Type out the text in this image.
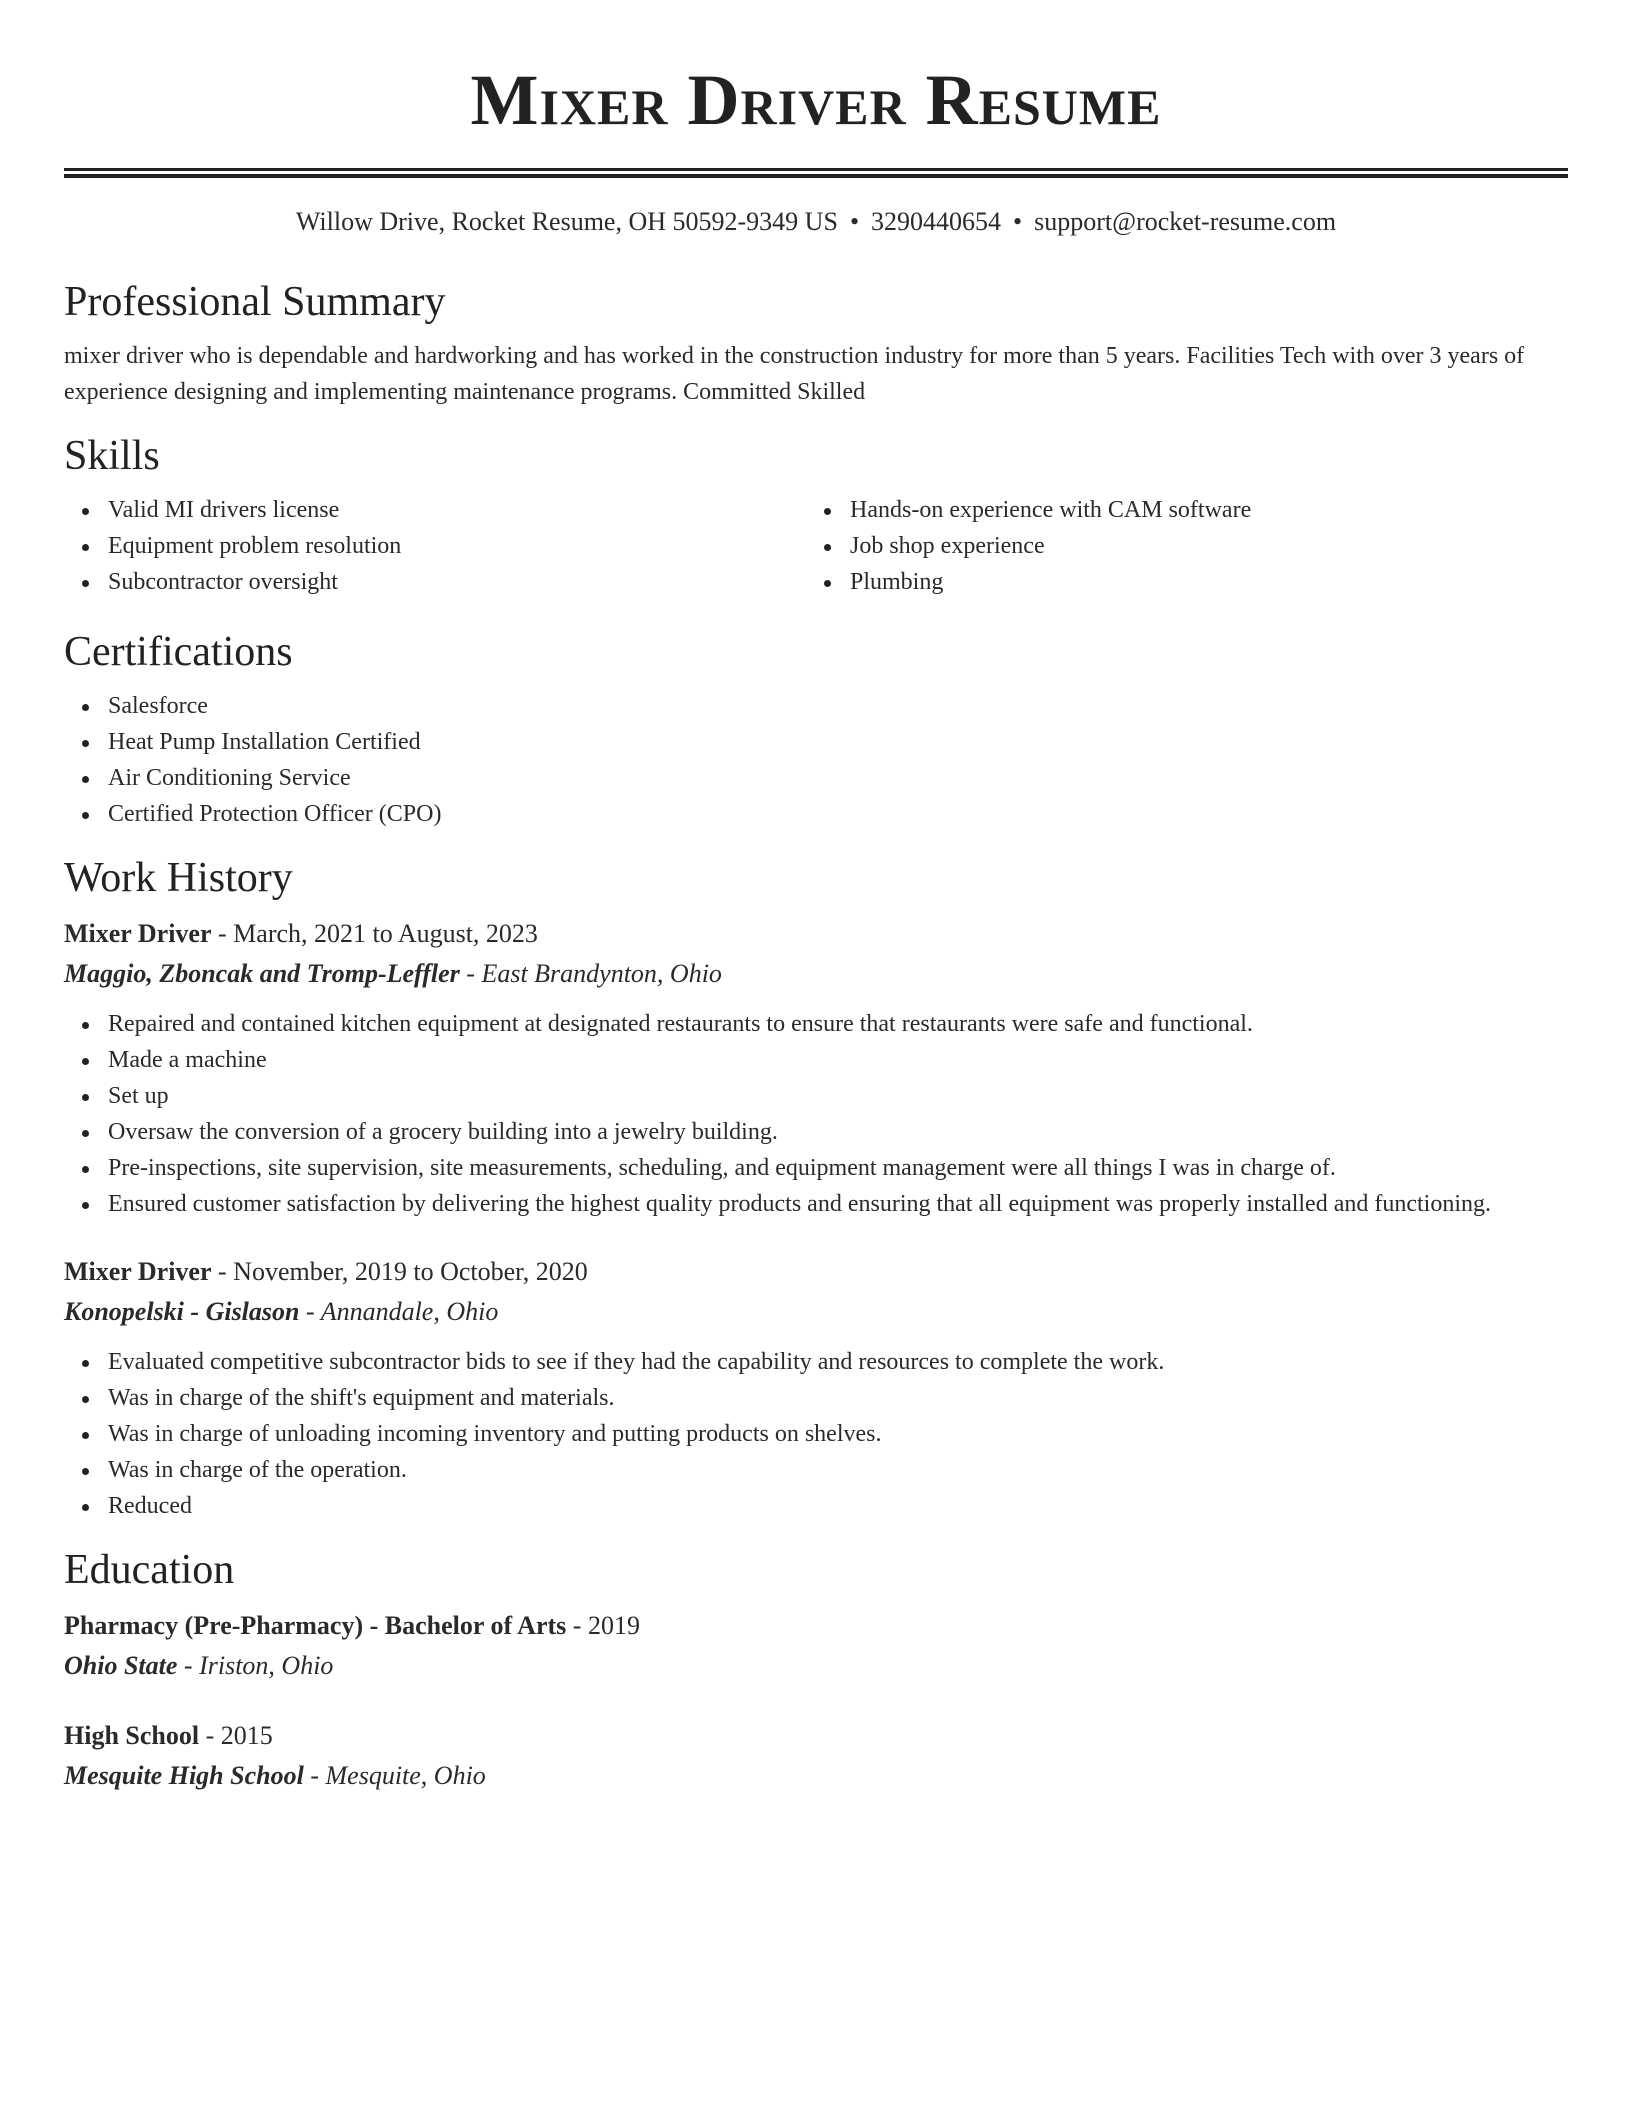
Mixer Driver Resume
Willow Drive, Rocket Resume, OH 50592-9349 US • 3290440654 • support@rocket-resume.com
Professional Summary

mixer driver who is dependable and hardworking and has worked in the construction industry for more than 5 years. Facilities Tech with over 3 years of experience designing and implementing maintenance programs. Committed Skilled

Skills
Valid MI drivers license
Equipment problem resolution
Subcontractor oversight
Hands-on experience with CAM software
Job shop experience
Plumbing
Certifications
Salesforce
Heat Pump Installation Certified
Air Conditioning Service
Certified Protection Officer (CPO)
Work History
Mixer Driver - March, 2021 to August, 2023
Maggio, Zboncak and Tromp-Leffler - East Brandynton, Ohio
Repaired and contained kitchen equipment at designated restaurants to ensure that restaurants were safe and functional.
Made a machine
Set up
Oversaw the conversion of a grocery building into a jewelry building.
Pre-inspections, site supervision, site measurements, scheduling, and equipment management were all things I was in charge of.
Ensured customer satisfaction by delivering the highest quality products and ensuring that all equipment was properly installed and functioning.
Mixer Driver - November, 2019 to October, 2020
Konopelski - Gislason - Annandale, Ohio
Evaluated competitive subcontractor bids to see if they had the capability and resources to complete the work.
Was in charge of the shift's equipment and materials.
Was in charge of unloading incoming inventory and putting products on shelves.
Was in charge of the operation.
Reduced
Education
Pharmacy (Pre-Pharmacy) - Bachelor of Arts - 2019
Ohio State - Iriston, Ohio
High School - 2015
Mesquite High School - Mesquite, Ohio
